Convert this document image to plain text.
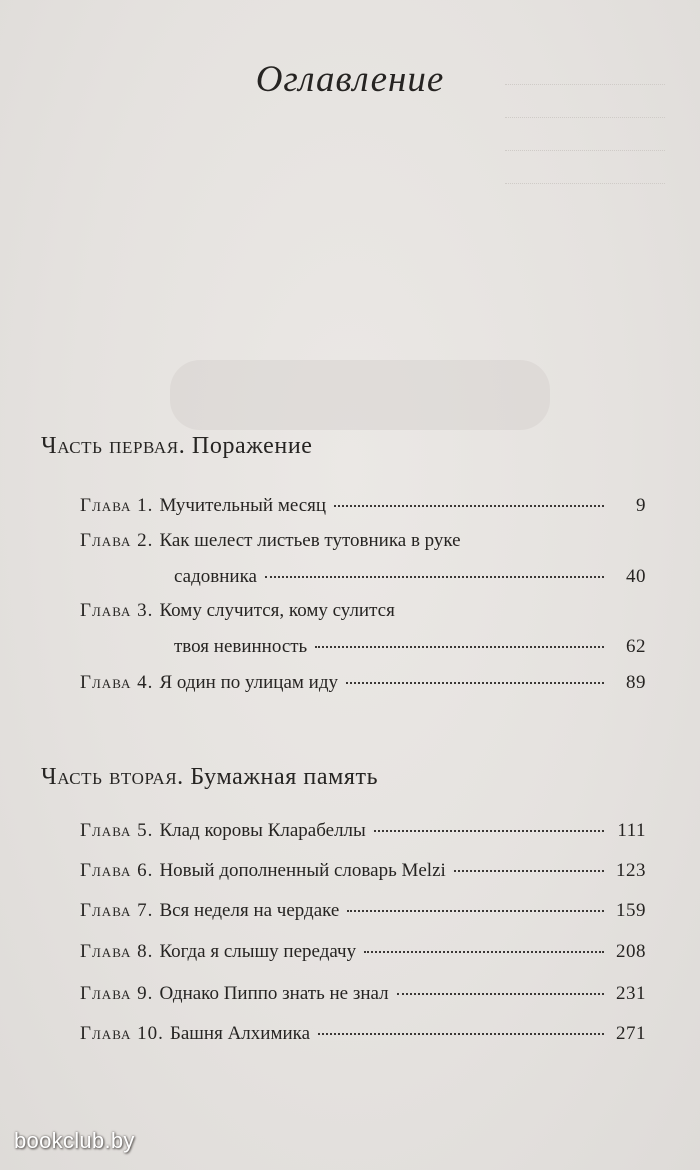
Оглавление
Часть первая. Поражение
Глава 1. Мучительный месяц	9
Глава 2. Как шелест листьев тутовника в руке
садовника	40
Глава 3. Кому случится, кому сулится
твоя невинность	62
Глава 4. Я один по улицам иду	89
Часть вторая. Бумажная память
Глава 5. Клад коровы Кларабеллы	111
Глава 6. Новый дополненный словарь Melzi	123
Глава 7. Вся неделя на чердаке	159
Глава 8. Когда я слышу передачу	208
Глава 9. Однако Пиппо знать не знал	231
Глава 10. Башня Алхимика	271
bookclub.by
